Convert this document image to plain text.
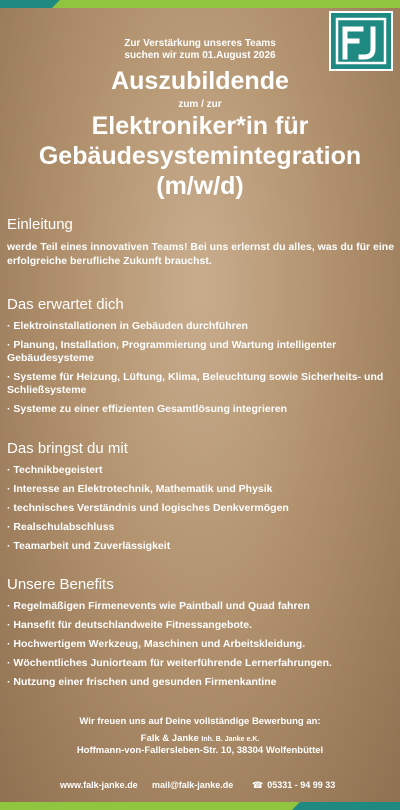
Zur Verstärkung unseres Teams
suchen wir zum 01.August 2026
Auszubildende
zum / zur
Elektroniker*in für
Gebäudesystemintegration
(m/w/d)
Einleitung

werde Teil eines innovativen Teams! Bei uns erlernst du alles, was du für eine erfolgreiche berufliche Zukunft brauchst.

Das erwartet dich
· Elektroinstallationen in Gebäuden durchführen
· Planung, Installation, Programmierung und Wartung intelligenter Gebäudesysteme
· Systeme für Heizung, Lüftung, Klima, Beleuchtung sowie Sicherheits- und Schließsysteme
· Systeme zu einer effizienten Gesamtlösung integrieren
Das bringst du mit
· Technikbegeistert
· Interesse an Elektrotechnik, Mathematik und Physik
· technisches Verständnis und logisches Denkvermögen
· Realschulabschluss
· Teamarbeit und Zuverlässigkeit
Unsere Benefits
· Regelmäßigen Firmenevents wie Paintball und Quad fahren
· Hansefit für deutschlandweite Fitnessangebote.
· Hochwertigem Werkzeug, Maschinen und Arbeitskleidung.
· Wöchentliches Juniorteam für weiterführende Lernerfahrungen.
· Nutzung einer frischen und gesunden Firmenkantine
Wir freuen uns auf Deine vollständige Bewerbung an:
Falk & Janke Inh. B. Janke e.K.
Hoffmann-von-Fallersleben-Str. 10, 38304 Wolfenbüttel
www.falk-janke.de mail@falk-janke.de ☎ 05331 - 94 99 33
